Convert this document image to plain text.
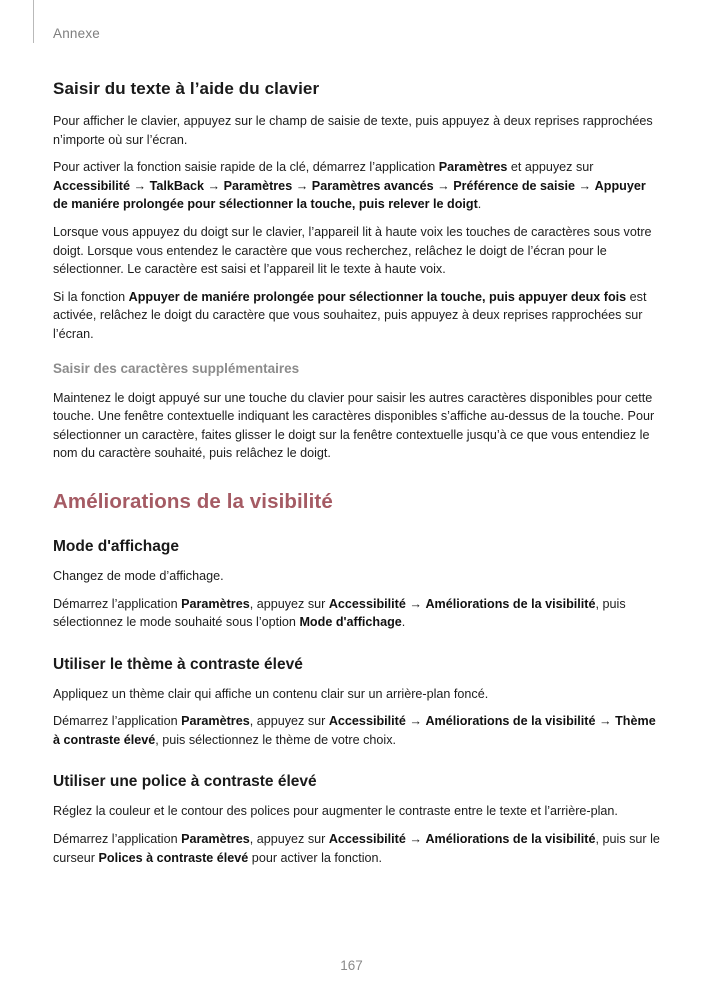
Annexe
Saisir du texte à l’aide du clavier
Pour afficher le clavier, appuyez sur le champ de saisie de texte, puis appuyez à deux reprises rapprochées n’importe où sur l’écran.
Pour activer la fonction saisie rapide de la clé, démarrez l’application Paramètres et appuyez sur Accessibilité → TalkBack → Paramètres → Paramètres avancés → Préférence de saisie → Appuyer de maniére prolongée pour sélectionner la touche, puis relever le doigt.
Lorsque vous appuyez du doigt sur le clavier, l’appareil lit à haute voix les touches de caractères sous votre doigt. Lorsque vous entendez le caractère que vous recherchez, relâchez le doigt de l’écran pour le sélectionner. Le caractère est saisi et l’appareil lit le texte à haute voix.
Si la fonction Appuyer de maniére prolongée pour sélectionner la touche, puis appuyer deux fois est activée, relâchez le doigt du caractère que vous souhaitez, puis appuyez à deux reprises rapprochées sur l’écran.
Saisir des caractères supplémentaires
Maintenez le doigt appuyé sur une touche du clavier pour saisir les autres caractères disponibles pour cette touche. Une fenêtre contextuelle indiquant les caractères disponibles s’affiche au-dessus de la touche. Pour sélectionner un caractère, faites glisser le doigt sur la fenêtre contextuelle jusqu’à ce que vous entendiez le nom du caractère souhaité, puis relâchez le doigt.
Améliorations de la visibilité
Mode d'affichage
Changez de mode d’affichage.
Démarrez l’application Paramètres, appuyez sur Accessibilité → Améliorations de la visibilité, puis sélectionnez le mode souhaité sous l’option Mode d'affichage.
Utiliser le thème à contraste élevé
Appliquez un thème clair qui affiche un contenu clair sur un arrière-plan foncé.
Démarrez l’application Paramètres, appuyez sur Accessibilité → Améliorations de la visibilité → Thème à contraste élevé, puis sélectionnez le thème de votre choix.
Utiliser une police à contraste élevé
Réglez la couleur et le contour des polices pour augmenter le contraste entre le texte et l’arrière-plan.
Démarrez l’application Paramètres, appuyez sur Accessibilité → Améliorations de la visibilité, puis sur le curseur Polices à contraste élevé pour activer la fonction.
167
